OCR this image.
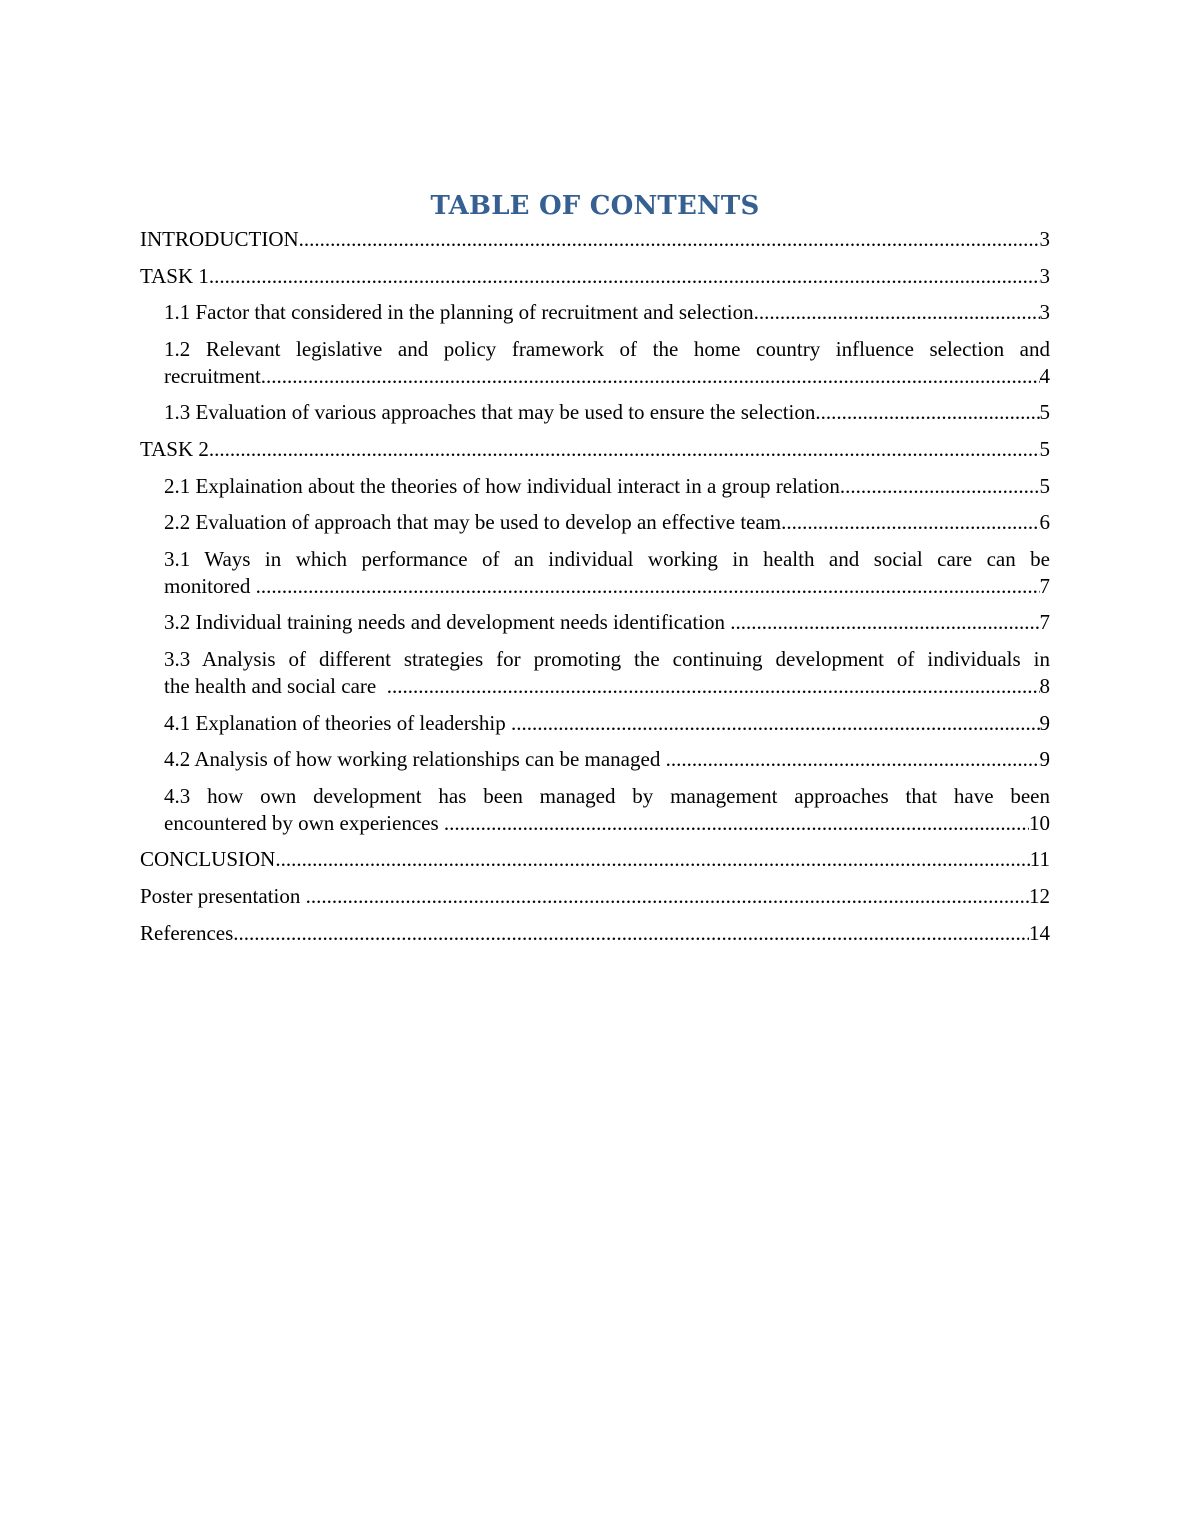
TABLE OF CONTENTS
INTRODUCTION .....	3
TASK 1 .....	3
1.1 Factor that considered in the planning of recruitment and selection .....	3
1.2 Relevant legislative and policy framework of the home country influence selection and
recruitment .....	4
1.3 Evaluation of various approaches that may be used to ensure the selection .....	5
TASK 2 .....	5
2.1 Explaination about the theories of how individual interact in a group relation .....	5
2.2 Evaluation of approach that may be used to develop an effective team .....	6
3.1 Ways in which performance of an individual working in health and social care can be
monitored .....	7
3.2 Individual training needs and development needs identification .....	7
3.3 Analysis of different strategies for promoting the continuing development of individuals in
the health and social care .....	8
4.1 Explanation of theories of leadership .....	9
4.2 Analysis of how working relationships can be managed .....	9
4.3 how own development has been managed by management approaches that have been
encountered by own experiences .....	10
CONCLUSION .....	11
Poster presentation .....	12
References .....	14
